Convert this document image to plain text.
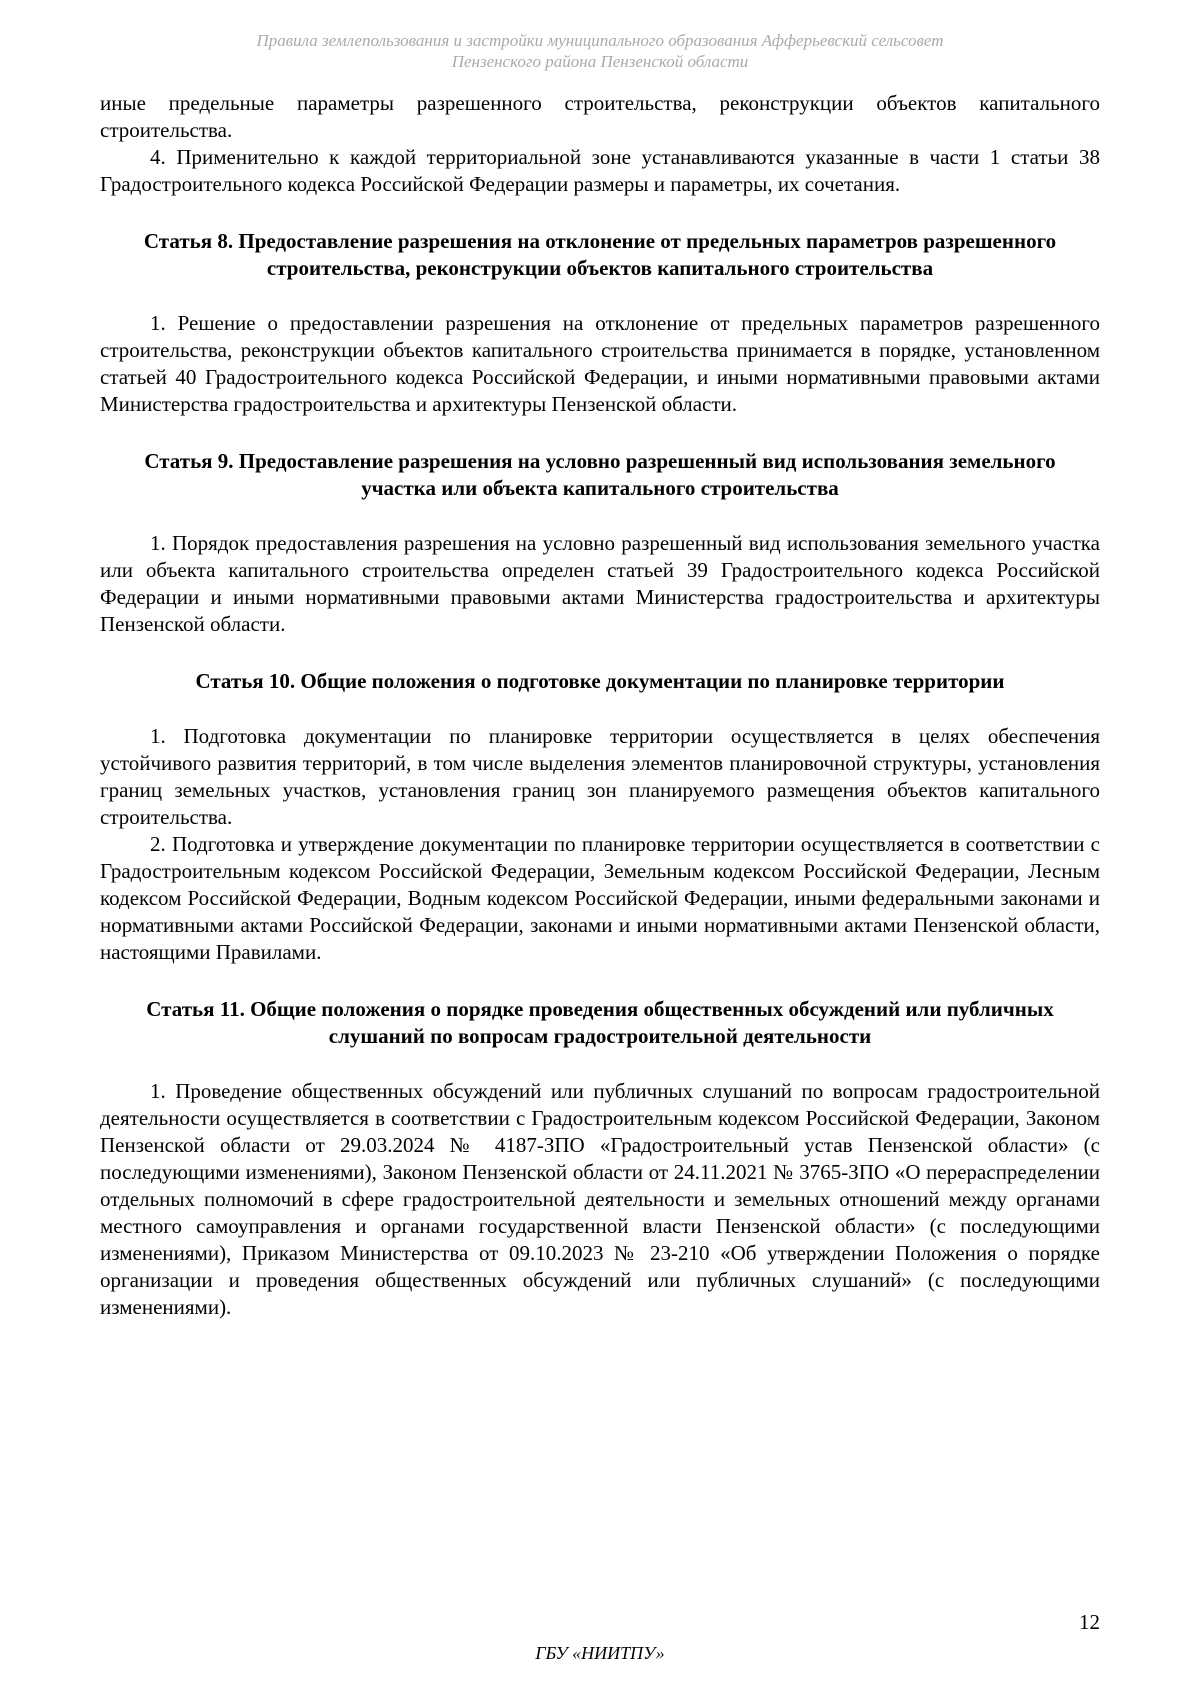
Правила землепользования и застройки муниципального образования Афферьевский сельсовет
Пензенского района Пензенской области

иные предельные параметры разрешенного строительства, реконструкции объектов капитального строительства.

4. Применительно к каждой территориальной зоне устанавливаются указанные в части 1 статьи 38 Градостроительного кодекса Российской Федерации размеры и параметры, их сочетания.

Статья 8. Предоставление разрешения на отклонение от предельных параметров разрешенного строительства, реконструкции объектов капитального строительства

1. Решение о предоставлении разрешения на отклонение от предельных параметров разрешенного строительства, реконструкции объектов капитального строительства принимается в порядке, установленном статьей 40 Градостроительного кодекса Российской Федерации, и иными нормативными правовыми актами Министерства градостроительства и архитектуры Пензенской области.

Статья 9. Предоставление разрешения на условно разрешенный вид использования земельного участка или объекта капитального строительства

1. Порядок предоставления разрешения на условно разрешенный вид использования земельного участка или объекта капитального строительства определен статьей 39 Градостроительного кодекса Российской Федерации и иными нормативными правовыми актами Министерства градостроительства и архитектуры Пензенской области.

Статья 10. Общие положения о подготовке документации по планировке территории

1. Подготовка документации по планировке территории осуществляется в целях обеспечения устойчивого развития территорий, в том числе выделения элементов планировочной структуры, установления границ земельных участков, установления границ зон планируемого размещения объектов капитального строительства.

2. Подготовка и утверждение документации по планировке территории осуществляется в соответствии с Градостроительным кодексом Российской Федерации, Земельным кодексом Российской Федерации, Лесным кодексом Российской Федерации, Водным кодексом Российской Федерации, иными федеральными законами и нормативными актами Российской Федерации, законами и иными нормативными актами Пензенской области, настоящими Правилами.

Статья 11. Общие положения о порядке проведения общественных обсуждений или публичных слушаний по вопросам градостроительной деятельности

1. Проведение общественных обсуждений или публичных слушаний по вопросам градостроительной деятельности осуществляется в соответствии с Градостроительным кодексом Российской Федерации, Законом Пензенской области от 29.03.2024 № 4187-ЗПО «Градостроительный устав Пензенской области» (с последующими изменениями), Законом Пензенской области от 24.11.2021 № 3765-ЗПО «О перераспределении отдельных полномочий в сфере градостроительной деятельности и земельных отношений между органами местного самоуправления и органами государственной власти Пензенской области» (с последующими изменениями), Приказом Министерства от 09.10.2023 № 23-210 «Об утверждении Положения о порядке организации и проведения общественных обсуждений или публичных слушаний» (с последующими изменениями).

12
ГБУ «НИИТПУ»
